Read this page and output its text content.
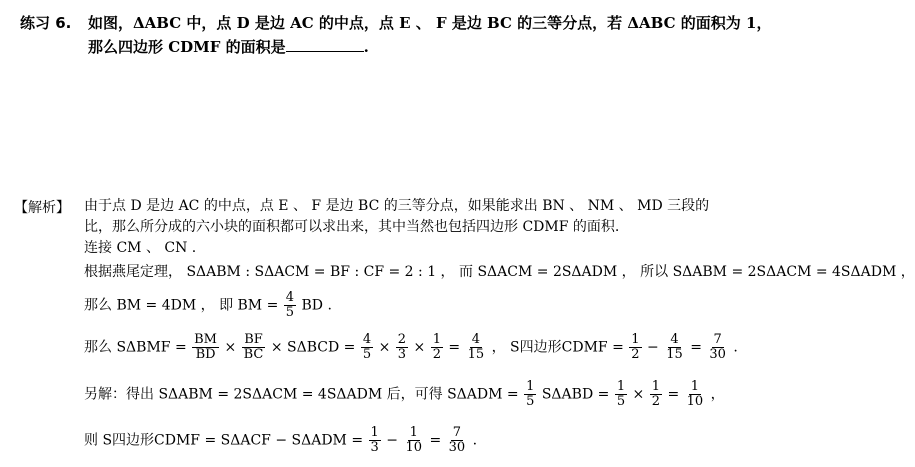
练习 6. 如图，ΔABC 中，点 D 是边 AC 的中点，点 E 、 F 是边 BC 的三等分点，若 ΔABC 的面积为 1，
那么四边形 CDMF 的面积是	.
【解析】 由于点 D 是边 AC 的中点，点 E 、 F 是边 BC 的三等分点，如果能求出 BN 、 NM 、 MD 三段的
比，那么所分成的六小块的面积都可以求出来，其中当然也包括四边形 CDMF 的面积.
连接 CM 、 CN .
根据燕尾定理， SΔABM : SΔACM = BF : CF = 2 : 1 ， 而 SΔACM = 2SΔADM ， 所以 SΔABM = 2SΔACM = 4SΔADM ，
那么 BM = 4DM ， 即 BM = $\frac{4}{5}$ BD .
那么 $S\Delta BMF = \frac{BM}{BD} \times \frac{BF}{BC} \times S\Delta BCD = \frac{4}{5} \times \frac{2}{3} \times \frac{1}{2} = \frac{4}{15}$ ， S四边形CDMF = $\frac{1}{2} - \frac{4}{15} = \frac{7}{30}$ .
另解：得出 SΔABM = 2SΔACM = 4SΔADM 后，可得 $S\Delta ADM = \frac{1}{5}$ $S\Delta ABD = \frac{1}{5} \times \frac{1}{2} = \frac{1}{10}$ ，
则 S四边形CDMF = $S\Delta ACF - S\Delta ADM = \frac{1}{3} - \frac{1}{10} = \frac{7}{30}$ .
